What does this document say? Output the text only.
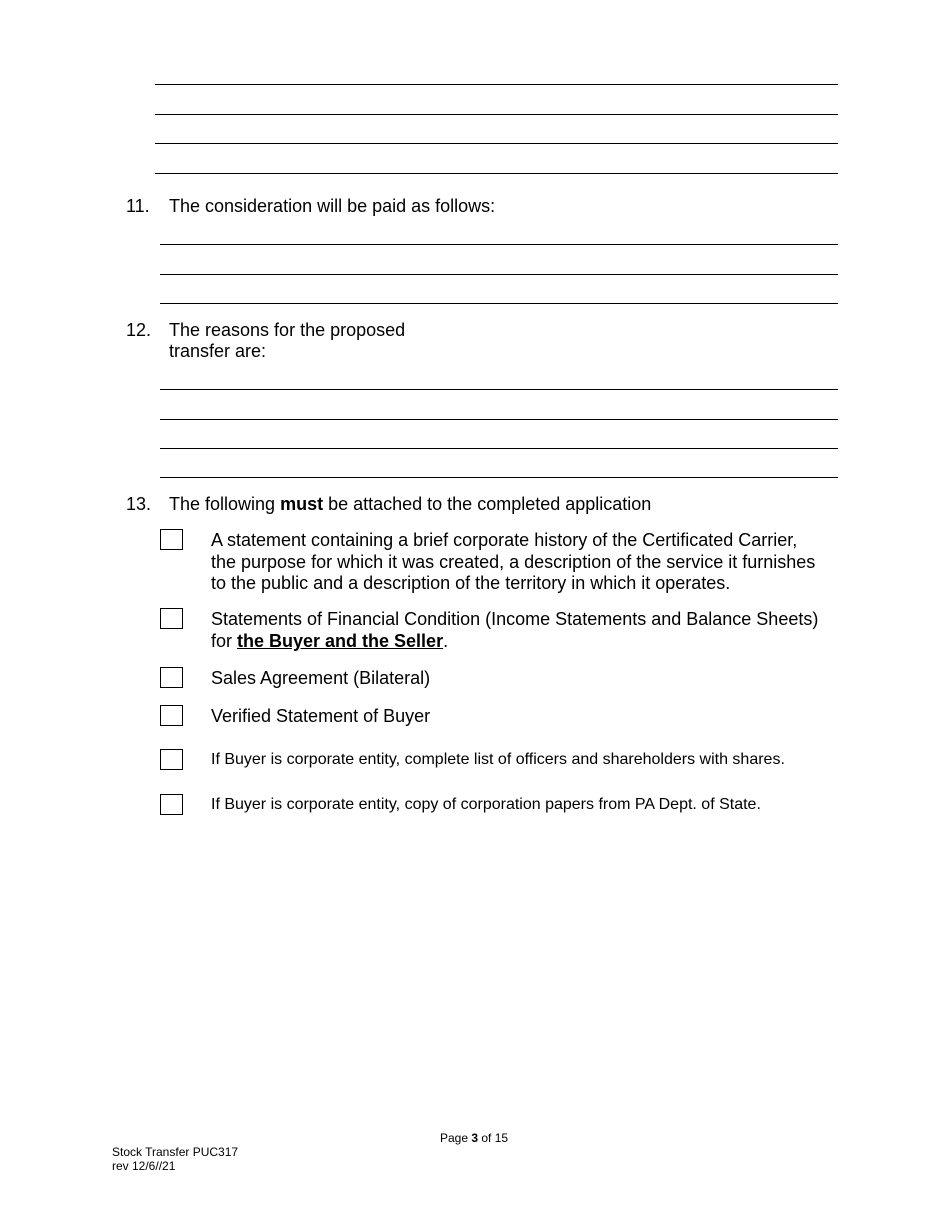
11. The consideration will be paid as follows:
12. The reasons for the proposed
transfer are:
13. The following must be attached to the completed application
A statement containing a brief corporate history of the Certificated Carrier,
the purpose for which it was created, a description of the service it furnishes
to the public and a description of the territory in which it operates.
Statements of Financial Condition (Income Statements and Balance Sheets)
for the Buyer and the Seller.
Sales Agreement (Bilateral)
Verified Statement of Buyer
If Buyer is corporate entity, complete list of officers and shareholders with shares.
If Buyer is corporate entity, copy of corporation papers from PA Dept. of State.
Page 3 of 15
Stock Transfer PUC317
rev 12/6//21
